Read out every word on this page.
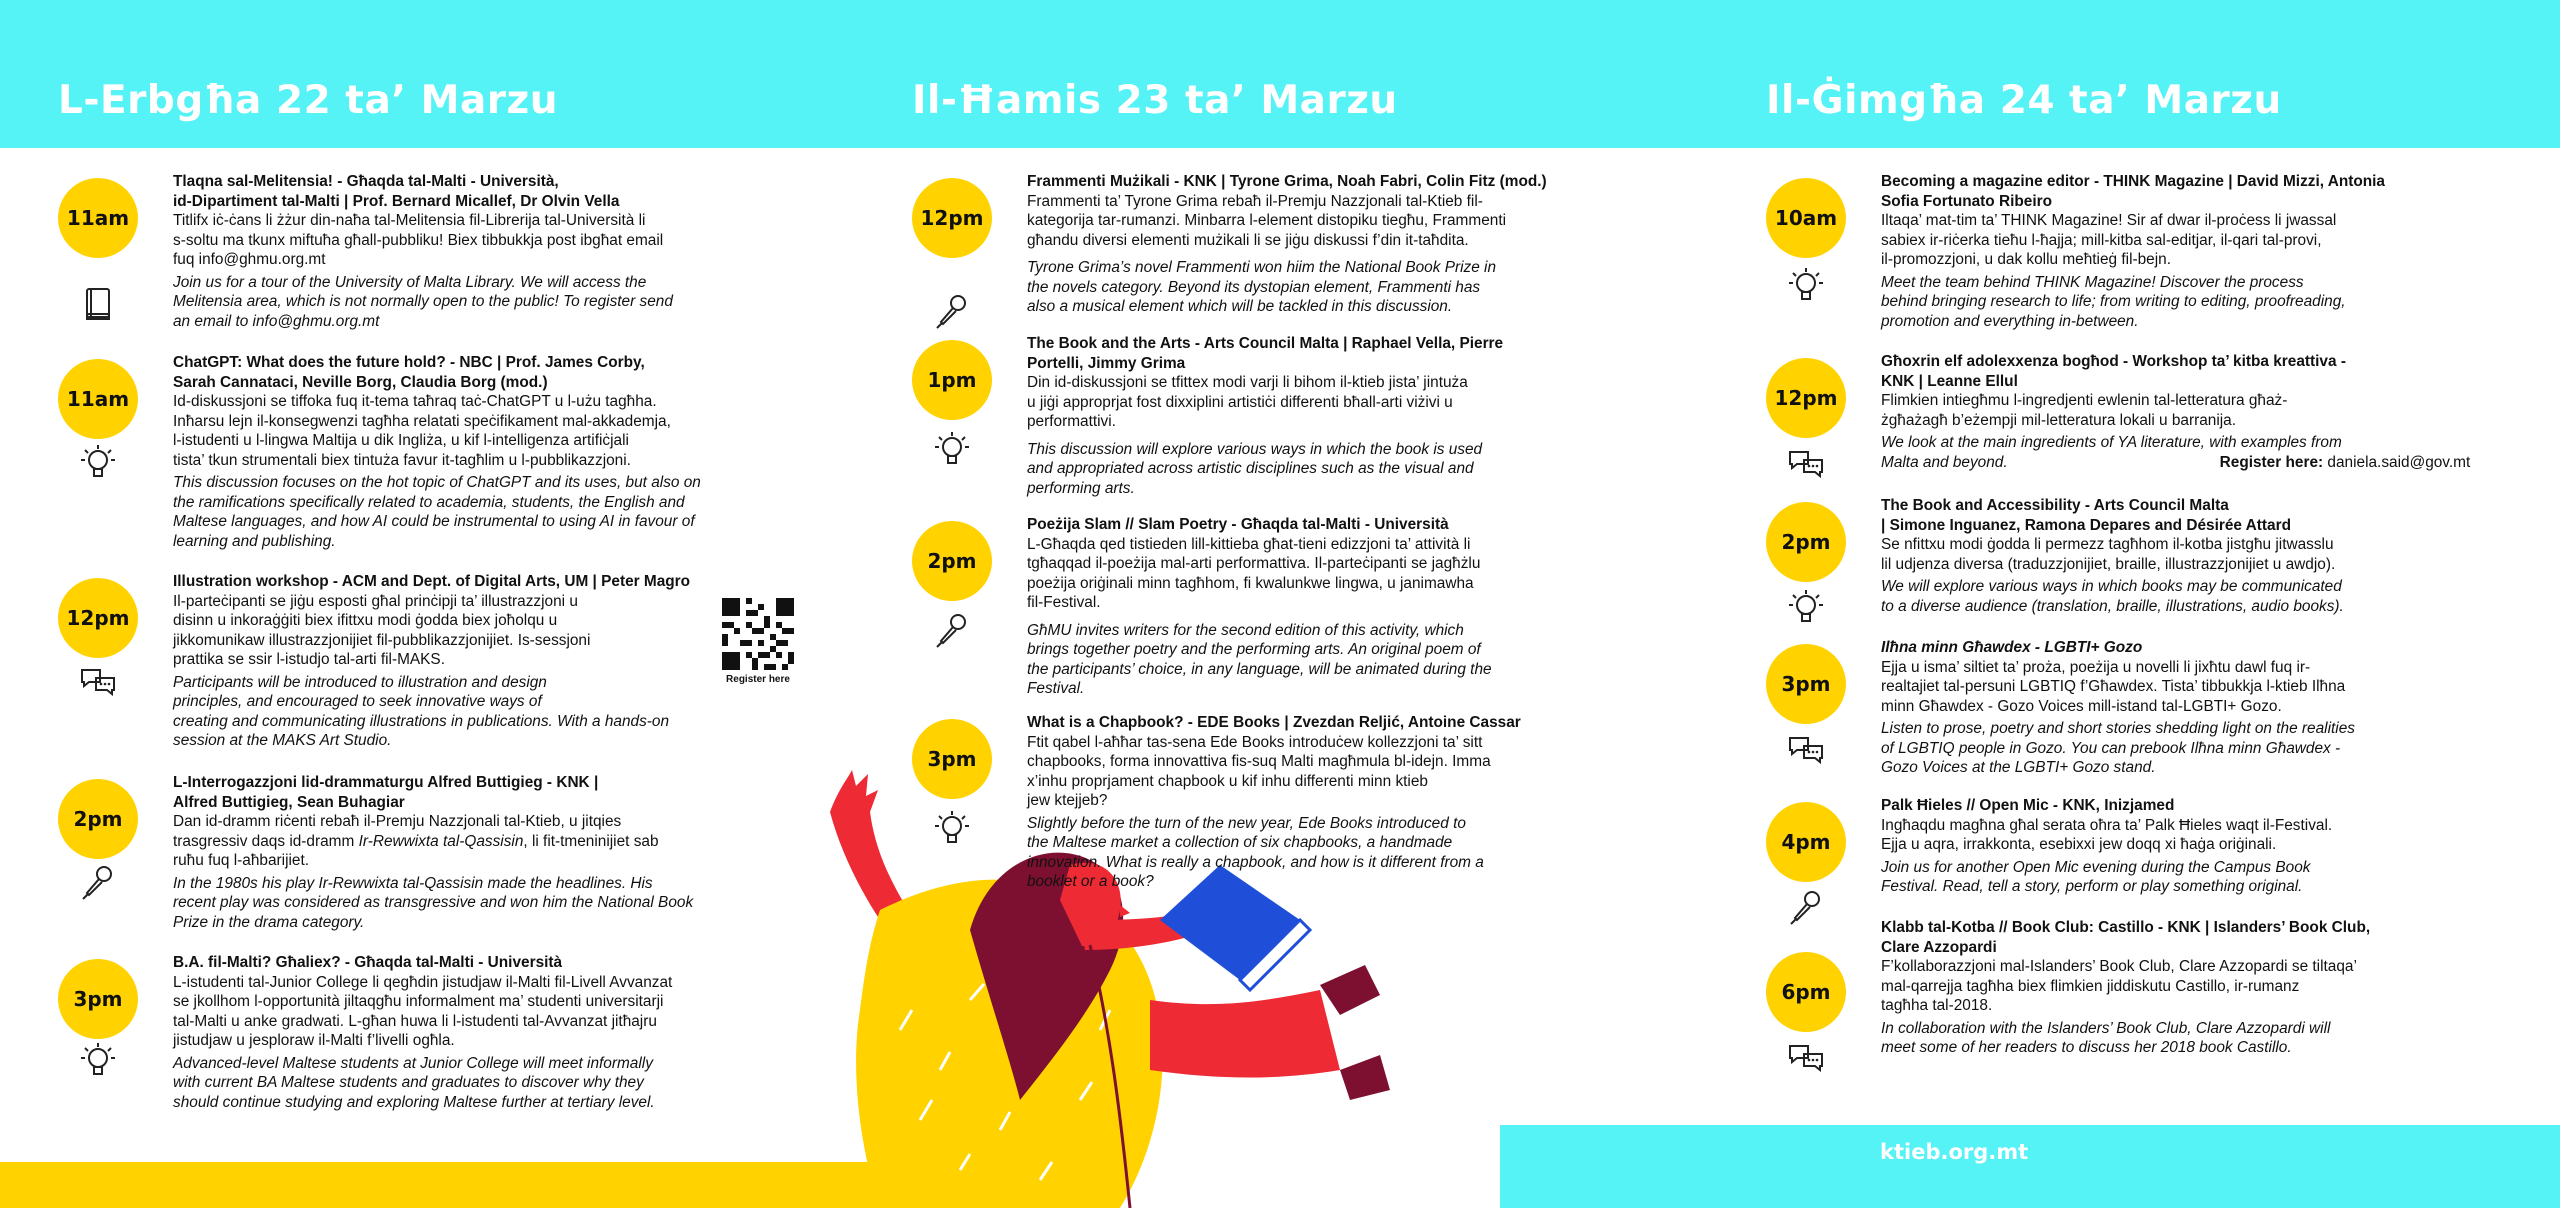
L-Erbgħa 22 ta’ Marzu	Il-Ħamis 23 ta’ Marzu	Il-Ġimgħa 24 ta’ Marzu
11am

Tlaqna sal-Melitensia! - Għaqda tal-Malti - Università,
id-Dipartiment tal-Malti | Prof. Bernard Micallef, Dr Olvin Vella

Titlifx iċ-ċans li żżur din-naħa tal-Melitensia fil-Librerija tal-Università li
s-soltu ma tkunx miftuħa għall-pubbliku! Biex tibbukkja post ibgħat email
fuq info@ghmu.org.mt

Join us for a tour of the University of Malta Library. We will access the
Melitensia area, which is not normally open to the public! To register send
an email to info@ghmu.org.mt

11am

ChatGPT: What does the future hold? - NBC | Prof. James Corby,
Sarah Cannataci, Neville Borg, Claudia Borg (mod.)

Id-diskussjoni se tiffoka fuq it-tema taħraq taċ-ChatGPT u l-użu tagħha.
Inħarsu lejn il-konsegwenzi tagħha relatati speċifikament mal-akkademja,
l-istudenti u l-lingwa Maltija u dik Ingliża, u kif l-intelligenza artifiċjali
tista’ tkun strumentali biex tintuża favur it-tagħlim u l-pubblikazzjoni.

This discussion focuses on the hot topic of ChatGPT and its uses, but also on
the ramifications specifically related to academia, students, the English and
Maltese languages, and how AI could be instrumental to using AI in favour of
learning and publishing.

12pm

Illustration workshop - ACM and Dept. of Digital Arts, UM | Peter Magro

Il-parteċipanti se jiġu esposti għal prinċipji ta’ illustrazzjoni u
disinn u inkoraġġiti biex ifittxu modi ġodda biex joħolqu u
jikkomunikaw illustrazzjonijiet fil-pubblikazzjonijiet. Is-sessjoni
prattika se ssir l-istudjo tal-arti fil-MAKS.

Participants will be introduced to illustration and design
principles, and encouraged to seek innovative ways of
creating and communicating illustrations in publications. With a hands-on
session at the MAKS Art Studio.

Register here
2pm

L-Interrogazzjoni lid-drammaturgu Alfred Buttigieg - KNK |
Alfred Buttigieg, Sean Buhagiar

Dan id-dramm riċenti rebaħ il-Premju Nazzjonali tal-Ktieb, u jitqies
trasgressiv daqs id-dramm Ir-Rewwixta tal-Qassisin, li fit-tmeninijiet sab
ruħu fuq l-aħbarijiet.

In the 1980s his play Ir-Rewwixta tal-Qassisin made the headlines. His
recent play was considered as transgressive and won him the National Book
Prize in the drama category.

3pm

B.A. fil-Malti? Għaliex? - Għaqda tal-Malti - Università

L-istudenti tal-Junior College li qegħdin jistudjaw il-Malti fil-Livell Avvanzat
se jkollhom l-opportunità jiltaqgħu informalment ma’ studenti universitarji
tal-Malti u anke gradwati. L-għan huwa li l-istudenti tal-Avvanzat jitħajru
jistudjaw u jesploraw il-Malti f’livelli ogħla.

Advanced-level Maltese students at Junior College will meet informally
with current BA Maltese students and graduates to discover why they
should continue studying and exploring Maltese further at tertiary level.

12pm

Frammenti Mużikali - KNK | Tyrone Grima, Noah Fabri, Colin Fitz (mod.)

Frammenti ta’ Tyrone Grima rebaħ il-Premju Nazzjonali tal-Ktieb fil-
kategorija tar-rumanzi. Minbarra l-element distopiku tiegħu, Frammenti
għandu diversi elementi mużikali li se jiġu diskussi f’din it-taħdita.

Tyrone Grima’s novel Frammenti won hiim the National Book Prize in
the novels category. Beyond its dystopian element, Frammenti has
also a musical element which will be tackled in this discussion.

1pm

The Book and the Arts - Arts Council Malta | Raphael Vella, Pierre
Portelli, Jimmy Grima

Din id-diskussjoni se tfittex modi varji li bihom il-ktieb jista’ jintuża
u jiġi approprjat fost dixxiplini artistiċi differenti bħall-arti viżivi u
performattivi.

This discussion will explore various ways in which the book is used
and appropriated across artistic disciplines such as the visual and
performing arts.

2pm

Poeżija Slam // Slam Poetry - Għaqda tal-Malti - Università

L-Għaqda qed tistieden lill-kittieba għat-tieni edizzjoni ta’ attività li
tgħaqqad il-poeżija mal-arti performattiva. Il-parteċipanti se jagħżlu
poeżija oriġinali minn tagħhom, fi kwalunkwe lingwa, u janimawha
fil-Festival.

GħMU invites writers for the second edition of this activity, which
brings together poetry and the performing arts. An original poem of
the participants’ choice, in any language, will be animated during the
Festival.

3pm

What is a Chapbook? - EDE Books | Zvezdan Reljić, Antoine Cassar

Ftit qabel l-aħħar tas-sena Ede Books introduċew kollezzjoni ta’ sitt
chapbooks, forma innovattiva fis-suq Malti magħmula bl-idejn. Imma
x’inhu proprjament chapbook u kif inhu differenti minn ktieb
jew ktejjeb?

Slightly before the turn of the new year, Ede Books introduced to
the Maltese market a collection of six chapbooks, a handmade
innovation. What is really a chapbook, and how is it different from a
booklet or a book?

10am

Becoming a magazine editor - THINK Magazine | David Mizzi, Antonia
Sofia Fortunato Ribeiro

Iltaqa’ mat-tim ta’ THINK Magazine! Sir af dwar il-proċess li jwassal
sabiex ir-riċerka tieħu l-ħajja; mill-kitba sal-editjar, il-qari tal-provi,
il-promozzjoni, u dak kollu meħtieġ fil-bejn.

Meet the team behind THINK Magazine! Discover the process
behind bringing research to life; from writing to editing, proofreading,
promotion and everything in-between.

12pm

Għoxrin elf adolexxenza bogħod - Workshop ta’ kitba kreattiva -
KNK | Leanne Ellul

Flimkien intiegħmu l-ingredjenti ewlenin tal-letteratura għaż-
żgħażagħ b’eżempji mil-letteratura lokali u barranija.

We look at the main ingredients of YA literature, with examples from
Malta and beyond.	Register here: daniela.said@gov.mt

2pm

The Book and Accessibility - Arts Council Malta
| Simone Inguanez, Ramona Depares and Désirée Attard

Se nfittxu modi ġodda li permezz tagħhom il-kotba jistgħu jitwasslu
lil udjenza diversa (traduzzjonijiet, braille, illustrazzjonijiet u awdjo).

We will explore various ways in which books may be communicated
to a diverse audience (translation, braille, illustrations, audio books).

3pm

Ilħna minn Għawdex - LGBTI+ Gozo

Ejja u isma’ siltiet ta’ proża, poeżija u novelli li jixħtu dawl fuq ir-
realtajiet tal-persuni LGBTIQ f’Għawdex. Tista’ tibbukkja l-ktieb Ilħna
minn Għawdex - Gozo Voices mill-istand tal-LGBTI+ Gozo.

Listen to prose, poetry and short stories shedding light on the realities
of LGBTIQ people in Gozo. You can prebook Ilħna minn Għawdex -
Gozo Voices at the LGBTI+ Gozo stand.

4pm

Palk Ħieles // Open Mic - KNK, Inizjamed

Ingħaqdu magħna għal serata oħra ta’ Palk Ħieles waqt il-Festival.
Ejja u aqra, irrakkonta, esebixxi jew doqq xi ħaġa oriġinali.

Join us for another Open Mic evening during the Campus Book
Festival. Read, tell a story, perform or play something original.

6pm

Klabb tal-Kotba // Book Club: Castillo - KNK | Islanders’ Book Club,
Clare Azzopardi

F’kollaborazzjoni mal-Islanders’ Book Club, Clare Azzopardi se tiltaqa’
mal-qarrejja tagħha biex flimkien jiddiskutu Castillo, ir-rumanz
tagħha tal-2018.

In collaboration with the Islanders’ Book Club, Clare Azzopardi will
meet some of her readers to discuss her 2018 book Castillo.

ktieb.org.mt
